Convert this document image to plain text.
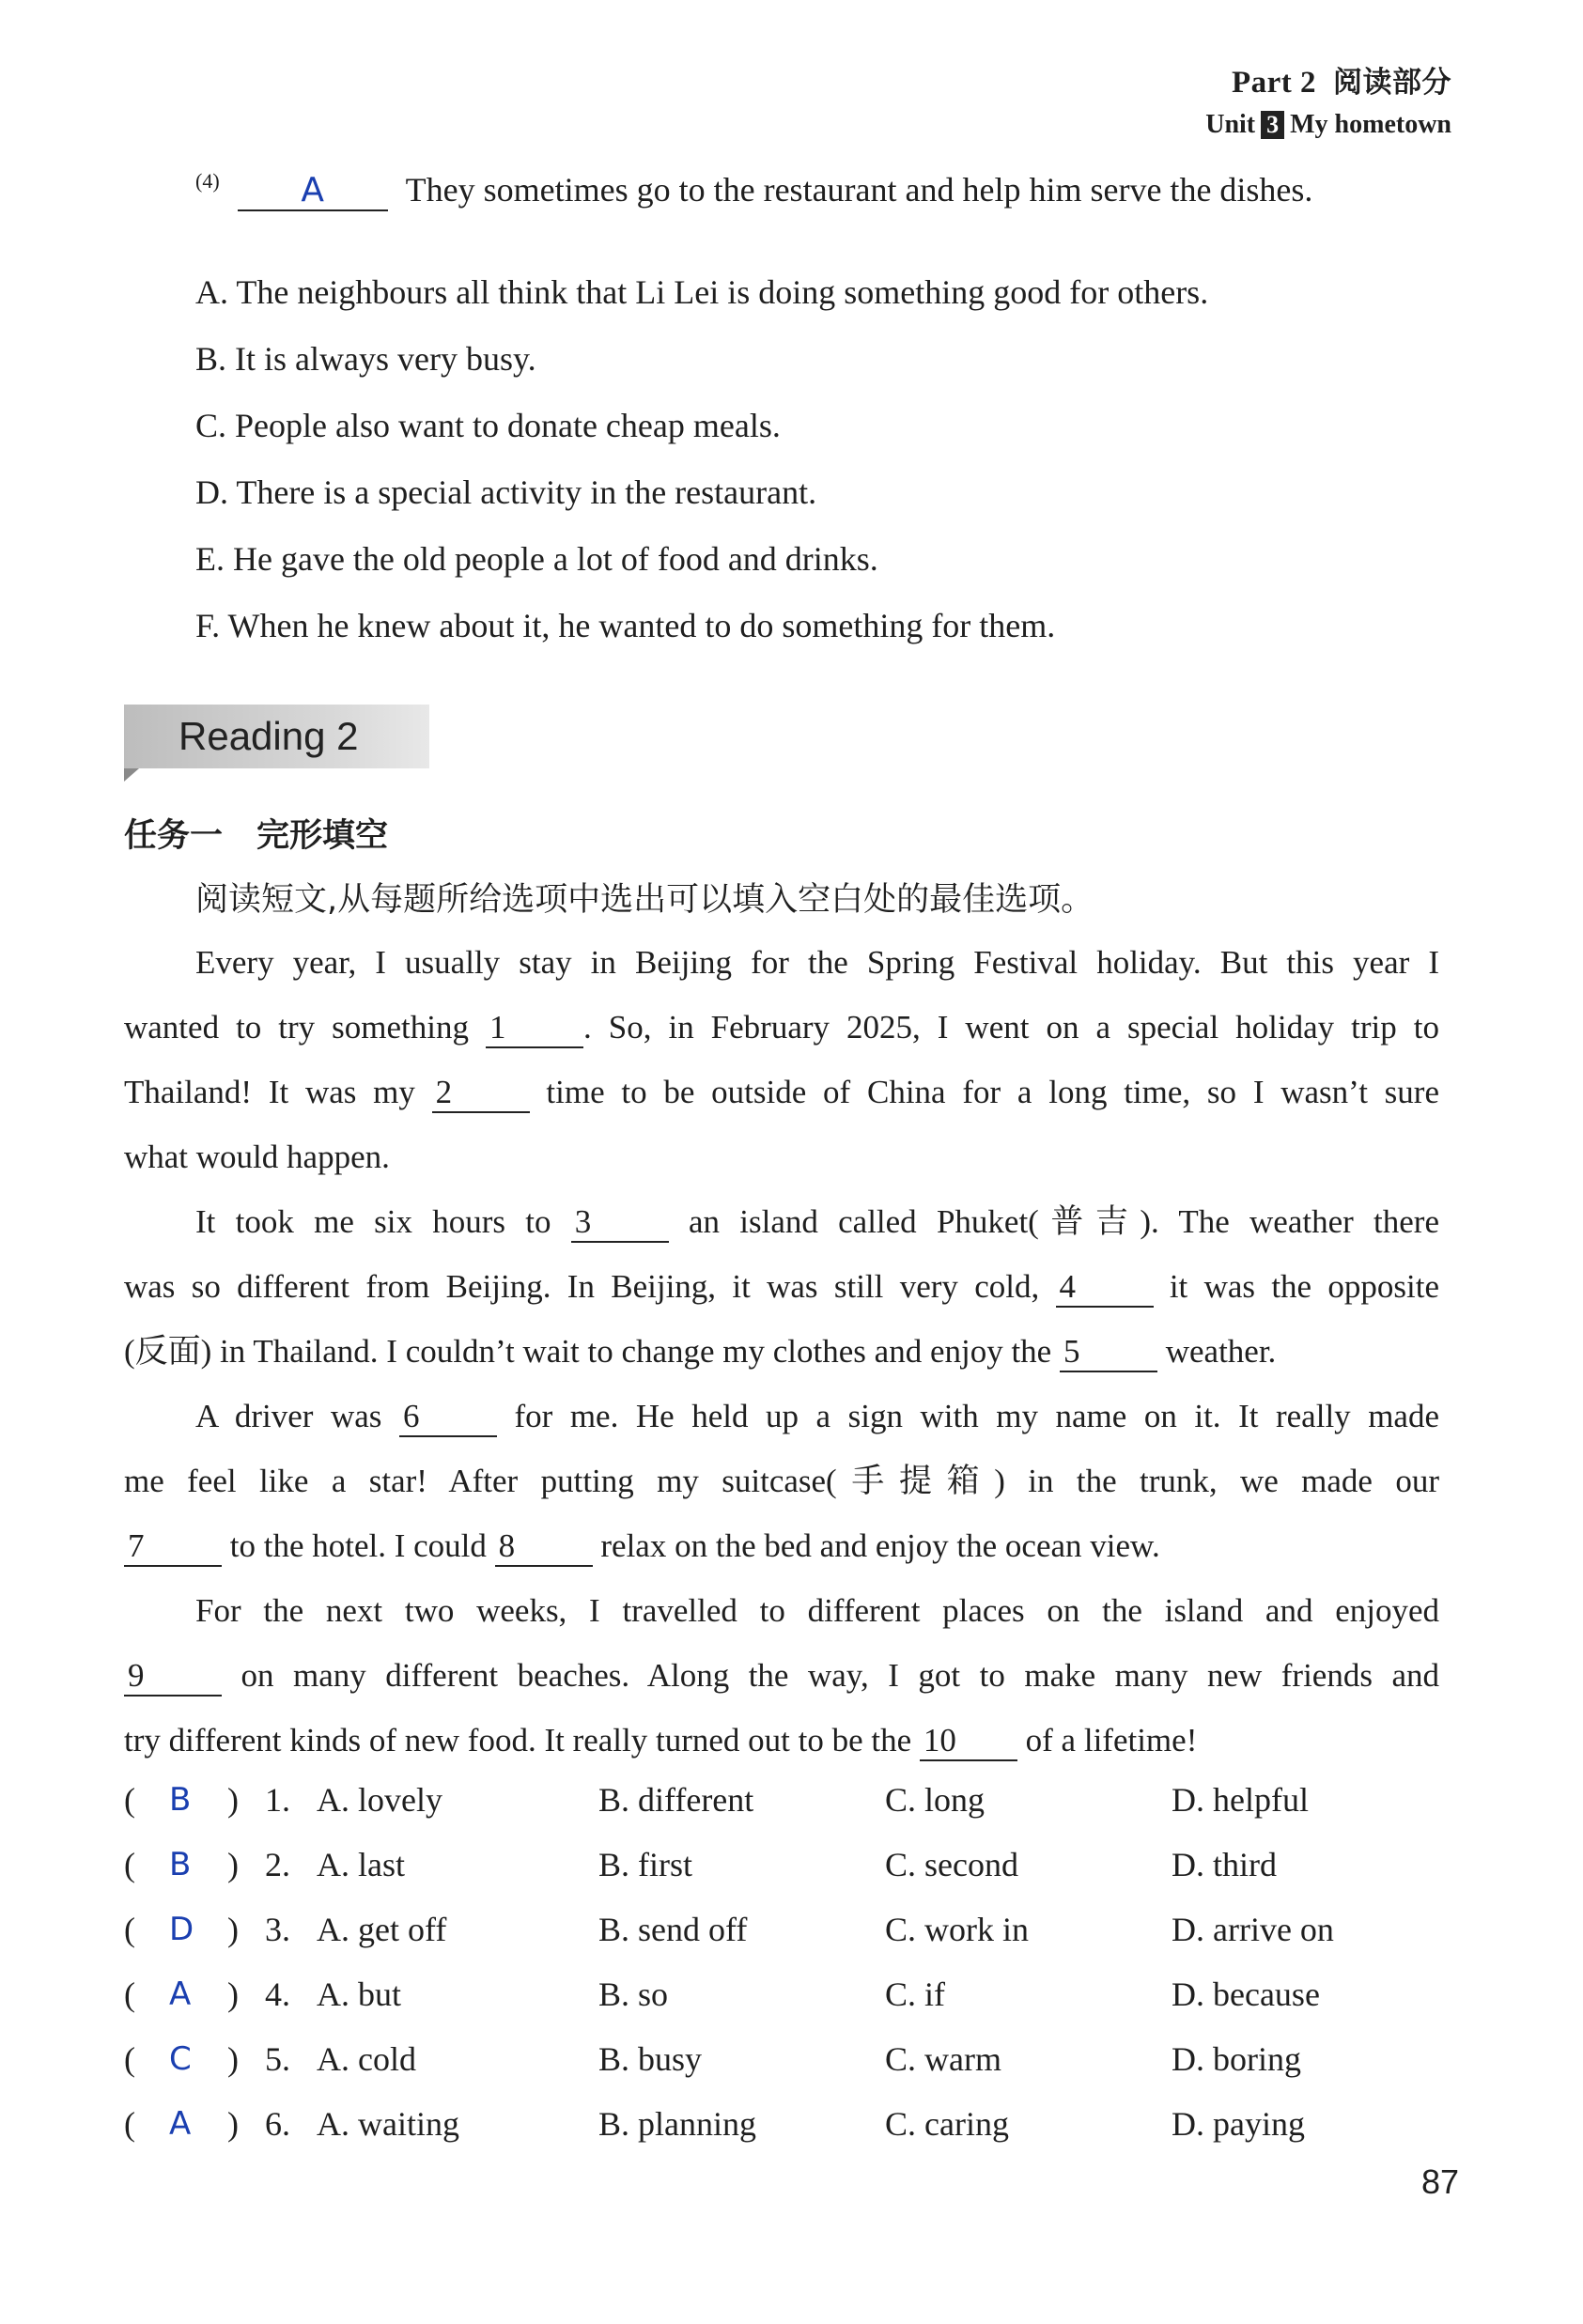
Part 2 阅读部分
Unit 3 My hometown
$^{(4)}$ A They sometimes go to the restaurant and help him serve the dishes.
A. The neighbours all think that Li Lei is doing something good for others.
B. It is always very busy.
C. People also want to donate cheap meals.
D. There is a special activity in the restaurant.
E. He gave the old people a lot of food and drinks.
F. When he knew about it, he wanted to do something for them.
Reading 2
任务一 完形填空
阅读短文,从每题所给选项中选出可以填入空白处的最佳选项。
Every year, I usually stay in Beijing for the Spring Festival holiday. But this year I
wanted to try something 1 . So, in February 2025, I went on a special holiday trip to
Thailand! It was my 2 time to be outside of China for a long time, so I wasn’t sure
what would happen.
It took me six hours to 3 an island called Phuket(普吉). The weather there
was so different from Beijing. In Beijing, it was still very cold, 4 it was the opposite
(反面) in Thailand. I couldn’t wait to change my clothes and enjoy the 5 weather.
A driver was 6 for me. He held up a sign with my name on it. It really made
me feel like a star! After putting my suitcase(手提箱) in the trunk, we made our
7 to the hotel. I could 8 relax on the bed and enjoy the ocean view.
For the next two weeks, I travelled to different places on the island and enjoyed
9 on many different beaches. Along the way, I got to make many new friends and
try different kinds of new food. It really turned out to be the 10 of a lifetime!
( B ) 1. A. lovely	B. different	C. long	D. helpful
( B ) 2. A. last	B. first	C. second	D. third
( D ) 3. A. get off	B. send off	C. work in	D. arrive on
( A ) 4. A. but	B. so	C. if	D. because
( C ) 5. A. cold	B. busy	C. warm	D. boring
( A ) 6. A. waiting	B. planning	C. caring	D. paying
87
